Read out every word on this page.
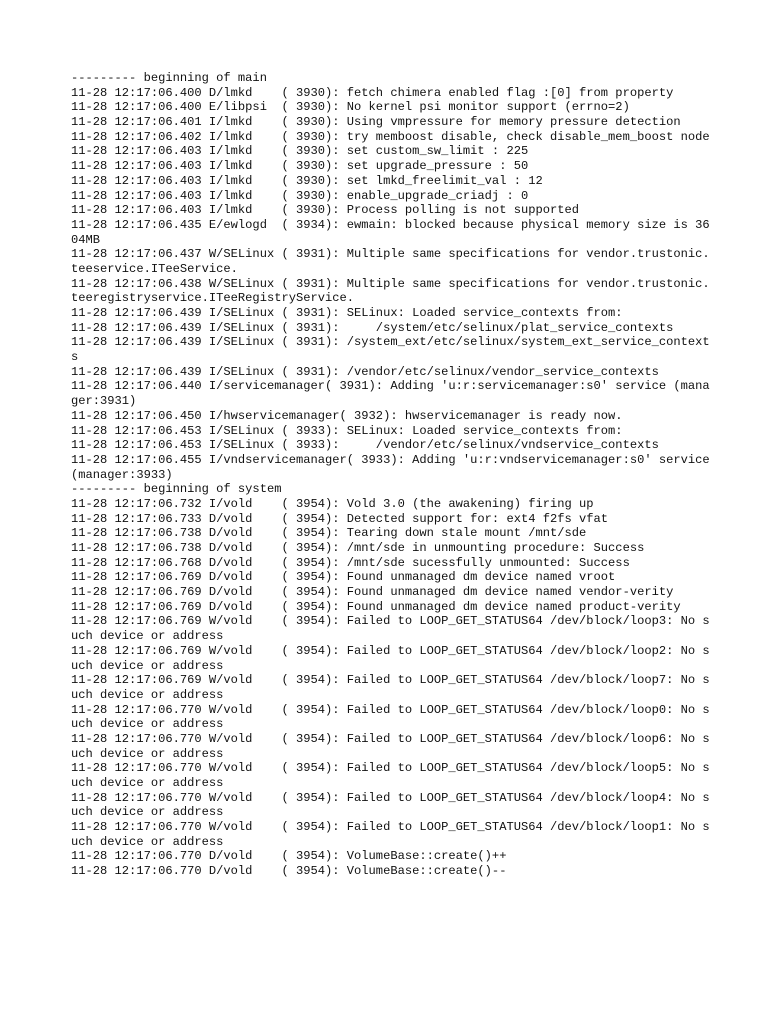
--------- beginning of main

11-28 12:17:06.400 D/lmkd    ( 3930): fetch chimera enabled flag :[0] from property

11-28 12:17:06.400 E/libpsi  ( 3930): No kernel psi monitor support (errno=2)

11-28 12:17:06.401 I/lmkd    ( 3930): Using vmpressure for memory pressure detection

11-28 12:17:06.402 I/lmkd    ( 3930): try memboost disable, check disable_mem_boost node

11-28 12:17:06.403 I/lmkd    ( 3930): set custom_sw_limit : 225

11-28 12:17:06.403 I/lmkd    ( 3930): set upgrade_pressure : 50

11-28 12:17:06.403 I/lmkd    ( 3930): set lmkd_freelimit_val : 12

11-28 12:17:06.403 I/lmkd    ( 3930): enable_upgrade_criadj : 0

11-28 12:17:06.403 I/lmkd    ( 3930): Process polling is not supported

11-28 12:17:06.435 E/ewlogd  ( 3934): ewmain: blocked because physical memory size is 3604MB

11-28 12:17:06.437 W/SELinux ( 3931): Multiple same specifications for vendor.trustonic.teeservice.ITeeService.

11-28 12:17:06.438 W/SELinux ( 3931): Multiple same specifications for vendor.trustonic.teeregistryservice.ITeeRegistryService.

11-28 12:17:06.439 I/SELinux ( 3931): SELinux: Loaded service_contexts from:

11-28 12:17:06.439 I/SELinux ( 3931):     /system/etc/selinux/plat_service_contexts

11-28 12:17:06.439 I/SELinux ( 3931): /system_ext/etc/selinux/system_ext_service_contexts

11-28 12:17:06.439 I/SELinux ( 3931): /vendor/etc/selinux/vendor_service_contexts

11-28 12:17:06.440 I/servicemanager( 3931): Adding 'u:r:servicemanager:s0' service (manager:3931)

11-28 12:17:06.450 I/hwservicemanager( 3932): hwservicemanager is ready now.

11-28 12:17:06.453 I/SELinux ( 3933): SELinux: Loaded service_contexts from:

11-28 12:17:06.453 I/SELinux ( 3933):     /vendor/etc/selinux/vndservice_contexts

11-28 12:17:06.455 I/vndservicemanager( 3933): Adding 'u:r:vndservicemanager:s0' service (manager:3933)

--------- beginning of system

11-28 12:17:06.732 I/vold    ( 3954): Vold 3.0 (the awakening) firing up

11-28 12:17:06.733 D/vold    ( 3954): Detected support for: ext4 f2fs vfat

11-28 12:17:06.738 D/vold    ( 3954): Tearing down stale mount /mnt/sde

11-28 12:17:06.738 D/vold    ( 3954): /mnt/sde in unmounting procedure: Success

11-28 12:17:06.768 D/vold    ( 3954): /mnt/sde sucessfully unmounted: Success

11-28 12:17:06.769 D/vold    ( 3954): Found unmanaged dm device named vroot

11-28 12:17:06.769 D/vold    ( 3954): Found unmanaged dm device named vendor-verity

11-28 12:17:06.769 D/vold    ( 3954): Found unmanaged dm device named product-verity

11-28 12:17:06.769 W/vold    ( 3954): Failed to LOOP_GET_STATUS64 /dev/block/loop3: No such device or address

11-28 12:17:06.769 W/vold    ( 3954): Failed to LOOP_GET_STATUS64 /dev/block/loop2: No such device or address

11-28 12:17:06.769 W/vold    ( 3954): Failed to LOOP_GET_STATUS64 /dev/block/loop7: No such device or address

11-28 12:17:06.770 W/vold    ( 3954): Failed to LOOP_GET_STATUS64 /dev/block/loop0: No such device or address

11-28 12:17:06.770 W/vold    ( 3954): Failed to LOOP_GET_STATUS64 /dev/block/loop6: No such device or address

11-28 12:17:06.770 W/vold    ( 3954): Failed to LOOP_GET_STATUS64 /dev/block/loop5: No such device or address

11-28 12:17:06.770 W/vold    ( 3954): Failed to LOOP_GET_STATUS64 /dev/block/loop4: No such device or address

11-28 12:17:06.770 W/vold    ( 3954): Failed to LOOP_GET_STATUS64 /dev/block/loop1: No such device or address

11-28 12:17:06.770 D/vold    ( 3954): VolumeBase::create()++

11-28 12:17:06.770 D/vold    ( 3954): VolumeBase::create()--
